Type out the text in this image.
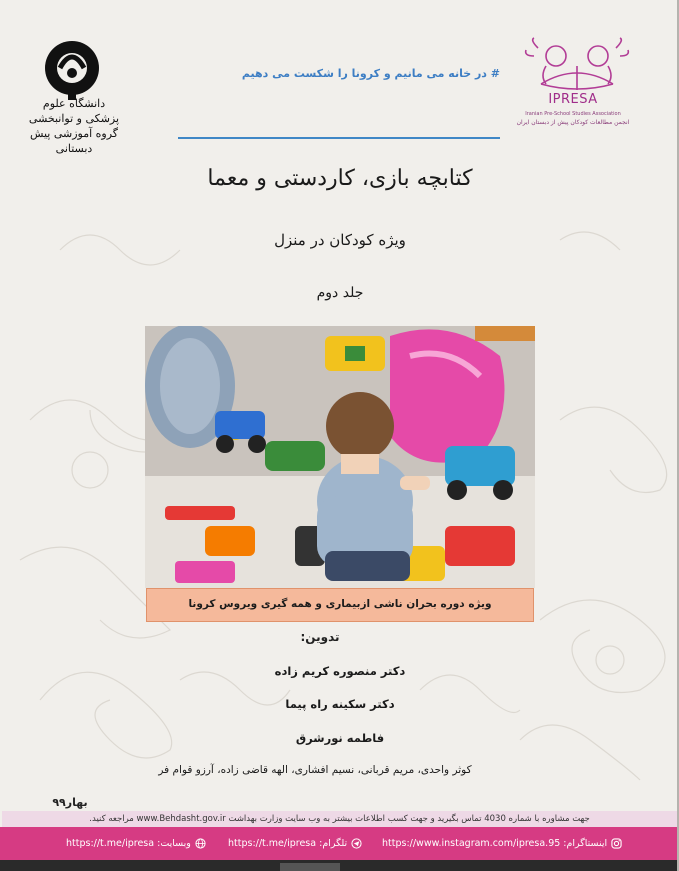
دانشگاه علوم پزشکی و توانبخشی
گروه آموزشی پیش دبستانی
# در خانه می مانیم و کرونا را شکست می دهیم
IPRESA
Iranian Pre-School Studies Association
انجمن مطالعات کودکان پیش از دبستان ایران
کتابچه بازی، کاردستی و معما
ویژه کودکان در منزل
جلد دوم
ویژه دوره بحران ناشی ازبیماری و همه گیری ویروس کرونا
تدوین:
دکتر منصوره کریم زاده
دکتر سکینه راه پیما
فاطمه نورشرق
کوثر واحدی، مریم قربانی، نسیم افشاری، الهه قاضی زاده، آرزو قوام فر
بهار۹۹
جهت مشاوره با شماره 4030 تماس بگیرید و جهت کسب اطلاعات بیشتر به وب سایت وزارت بهداشت www.Behdasht.gov.ir مراجعه کنید.
اینستاگرام: https://www.instagram.com/ipresa.95
تلگرام: https://t.me/ipresa
وبسایت: https://t.me/ipresa
